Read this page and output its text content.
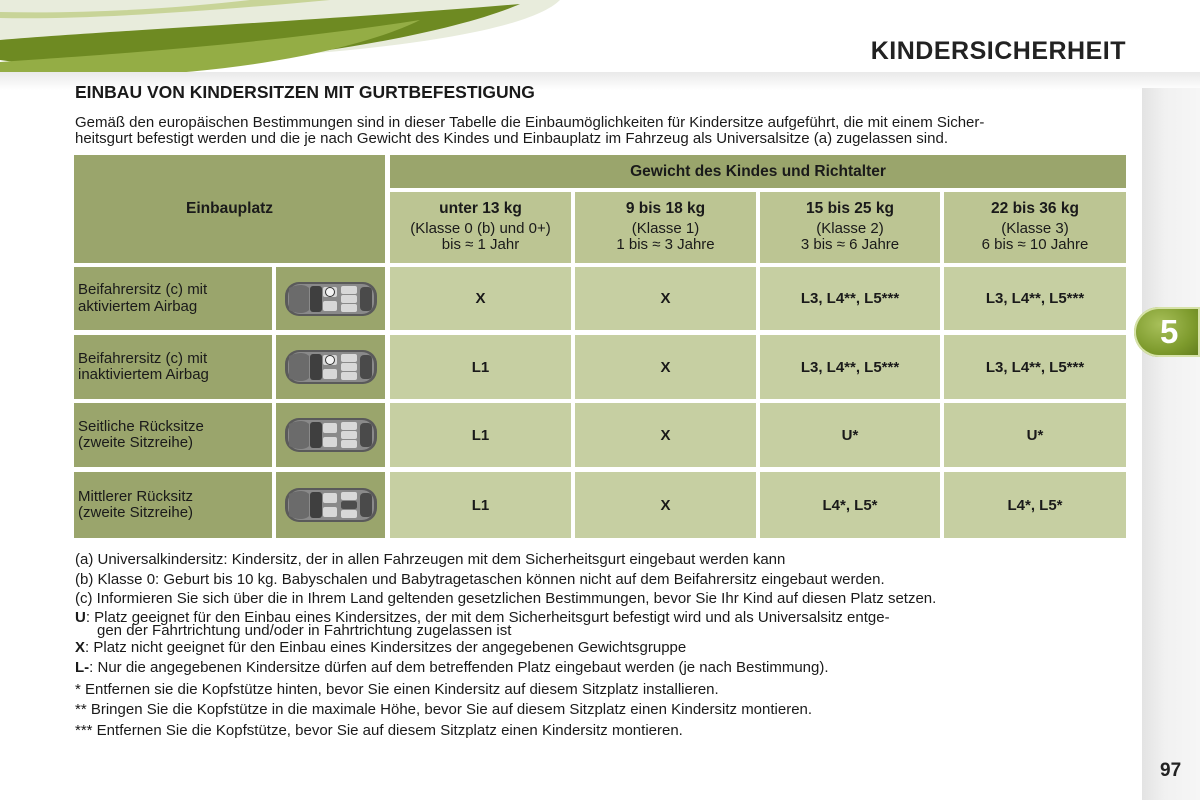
KINDERSICHERHEIT
5
97
EINBAU VON KINDERSITZEN MIT GURTBEFESTIGUNG
Gemäß den europäischen Bestimmungen sind in dieser Tabelle die Einbaumöglichkeiten für Kindersitze aufgeführt, die mit einem Sicher-
heitsgurt befestigt werden und die je nach Gewicht des Kindes und Einbauplatz im Fahrzeug als Universalsitze (a) zugelassen sind.
Einbauplatz
Gewicht des Kindes und Richtalter
unter 13 kg
(Klasse 0 (b) und 0+)
bis ≈ 1 Jahr
9 bis 18 kg
(Klasse 1)
1 bis ≈ 3 Jahre
15 bis 25 kg
(Klasse 2)
3 bis ≈ 6 Jahre
22 bis 36 kg
(Klasse 3)
6 bis ≈ 10 Jahre
Beifahrersitz (c) mit
aktiviertem Airbag	X	X	L3, L4**, L5***	L3, L4**, L5***
Beifahrersitz (c) mit
inaktiviertem Airbag	L1	X	L3, L4**, L5***	L3, L4**, L5***
Seitliche Rücksitze
(zweite Sitzreihe)	L1	X	U*	U*
Mittlerer Rücksitz
(zweite Sitzreihe)	L1	X	L4*, L5*	L4*, L5*
(a) Universalkindersitz: Kindersitz, der in allen Fahrzeugen mit dem Sicherheitsgurt eingebaut werden kann
(b) Klasse 0: Geburt bis 10 kg. Babyschalen und Babytragetaschen können nicht auf dem Beifahrersitz eingebaut werden.
(c) Informieren Sie sich über die in Ihrem Land geltenden gesetzlichen Bestimmungen, bevor Sie Ihr Kind auf diesen Platz setzen.
U: Platz geeignet für den Einbau eines Kindersitzes, der mit dem Sicherheitsgurt befestigt wird und als Universalsitz entge-
gen der Fahrtrichtung und/oder in Fahrtrichtung zugelassen ist
X: Platz nicht geeignet für den Einbau eines Kindersitzes der angegebenen Gewichtsgruppe
L-: Nur die angegebenen Kindersitze dürfen auf dem betreffenden Platz eingebaut werden (je nach Bestimmung).
* Entfernen sie die Kopfstütze hinten, bevor Sie einen Kindersitz auf diesem Sitzplatz installieren.
** Bringen Sie die Kopfstütze in die maximale Höhe, bevor Sie auf diesem Sitzplatz einen Kindersitz montieren.
*** Entfernen Sie die Kopfstütze, bevor Sie auf diesem Sitzplatz einen Kindersitz montieren.
